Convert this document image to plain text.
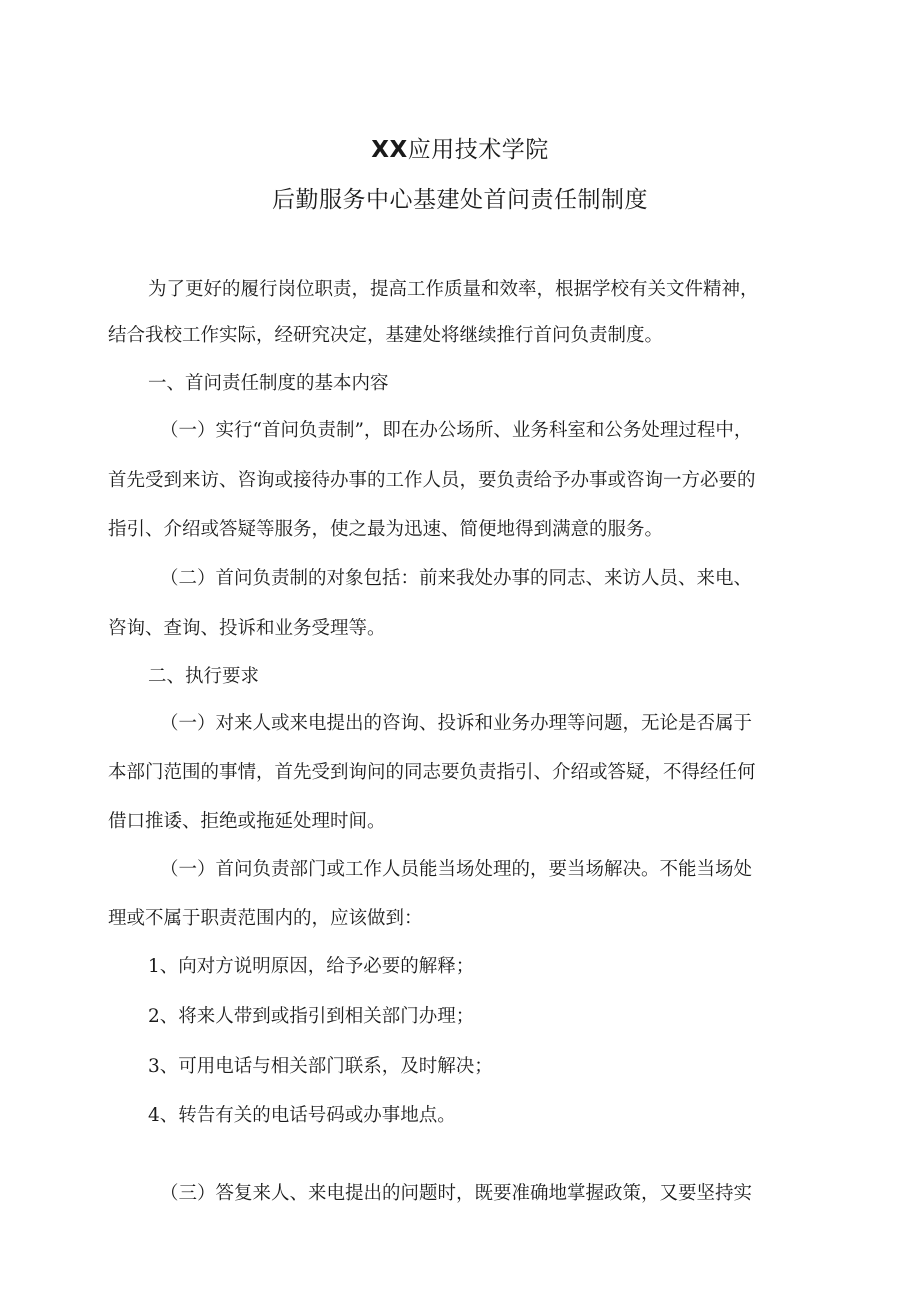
XX应用技术学院
后勤服务中心基建处首问责任制制度
为了更好的履行岗位职责，提高工作质量和效率，根据学校有关文件精神，
结合我校工作实际，经研究决定，基建处将继续推行首问负责制度。
一、首问责任制度的基本内容
（一）实行“首问负责制”，即在办公场所、业务科室和公务处理过程中，
首先受到来访、咨询或接待办事的工作人员，要负责给予办事或咨询一方必要的
指引、介绍或答疑等服务，使之最为迅速、简便地得到满意的服务。
（二）首问负责制的对象包括：前来我处办事的同志、来访人员、来电、
咨询、查询、投诉和业务受理等。
二、执行要求
（一）对来人或来电提出的咨询、投诉和业务办理等问题，无论是否属于
本部门范围的事情，首先受到询问的同志要负责指引、介绍或答疑，不得经任何
借口推诿、拒绝或拖延处理时间。
（一）首问负责部门或工作人员能当场处理的，要当场解决。不能当场处
理或不属于职责范围内的，应该做到：
1、向对方说明原因，给予必要的解释；
2、将来人带到或指引到相关部门办理；
3、可用电话与相关部门联系，及时解决；
4、转告有关的电话号码或办事地点。
（三）答复来人、来电提出的问题时，既要准确地掌握政策，又要坚持实
